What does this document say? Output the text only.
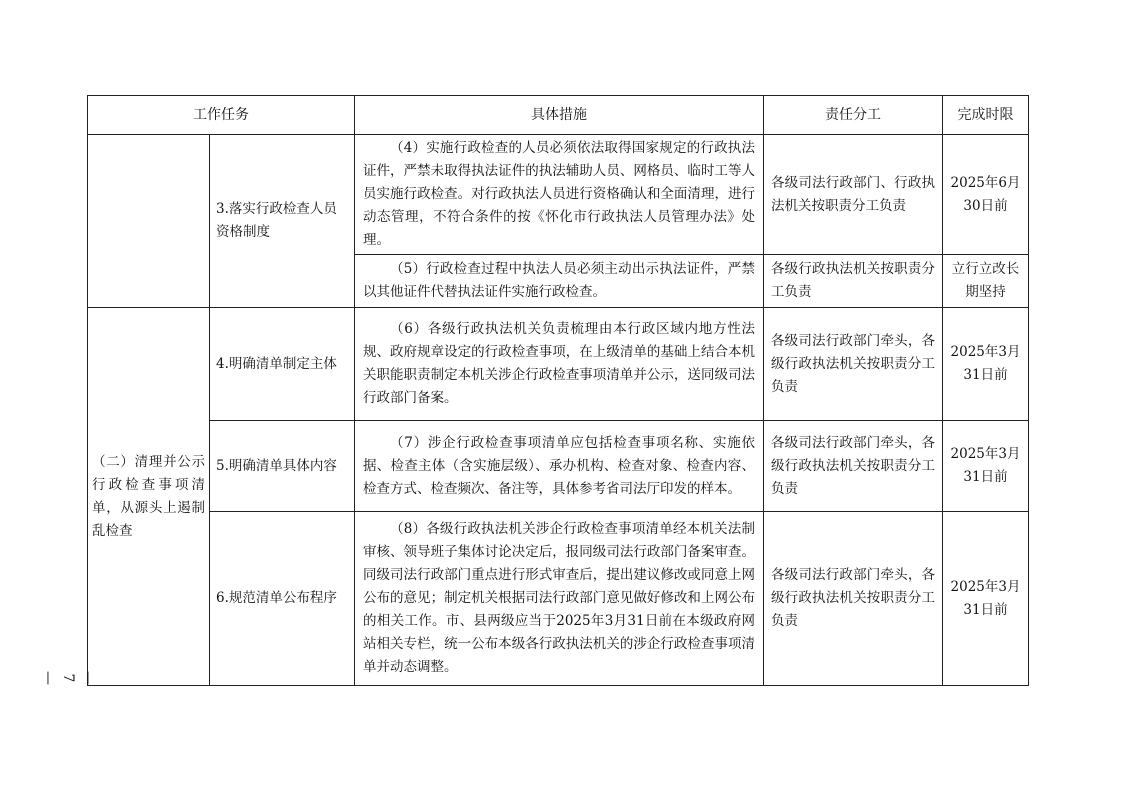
工作任务		具体措施	责任分工	完成时限
	3.落实行政检查人员资格制度	（4）实施行政检查的人员必须依法取得国家规定的行政执法证件，严禁未取得执法证件的执法辅助人员、网格员、临时工等人员实施行政检查。对行政执法人员进行资格确认和全面清理，进行动态管理，不符合条件的按《怀化市行政执法人员管理办法》处理。	各级司法行政部门、行政执法机关按职责分工负责	2025年6月30日前
		（5）行政检查过程中执法人员必须主动出示执法证件，严禁以其他证件代替执法证件实施行政检查。	各级行政执法机关按职责分工负责	立行立改长期坚持
（二）清理并公示行政检查事项清单，从源头上遏制乱检查	4.明确清单制定主体	（6）各级行政执法机关负责梳理由本行政区域内地方性法规、政府规章设定的行政检查事项，在上级清单的基础上结合本机关职能职责制定本机关涉企行政检查事项清单并公示，送同级司法行政部门备案。	各级司法行政部门牵头，各级行政执法机关按职责分工负责	2025年3月31日前
	5.明确清单具体内容	（7）涉企行政检查事项清单应包括检查事项名称、实施依据、检查主体（含实施层级）、承办机构、检查对象、检查内容、检查方式、检查频次、备注等，具体参考省司法厅印发的样本。	各级司法行政部门牵头，各级行政执法机关按职责分工负责	2025年3月31日前
	6.规范清单公布程序	（8）各级行政执法机关涉企行政检查事项清单经本机关法制审核、领导班子集体讨论决定后，报同级司法行政部门备案审查。同级司法行政部门重点进行形式审查后，提出建议修改或同意上网公布的意见；制定机关根据司法行政部门意见做好修改和上网公布的相关工作。市、县两级应当于2025年3月31日前在本级政府网站相关专栏，统一公布本级各行政执法机关的涉企行政检查事项清单并动态调整。	各级司法行政部门牵头，各级行政执法机关按职责分工负责	2025年3月31日前
— 7 —
